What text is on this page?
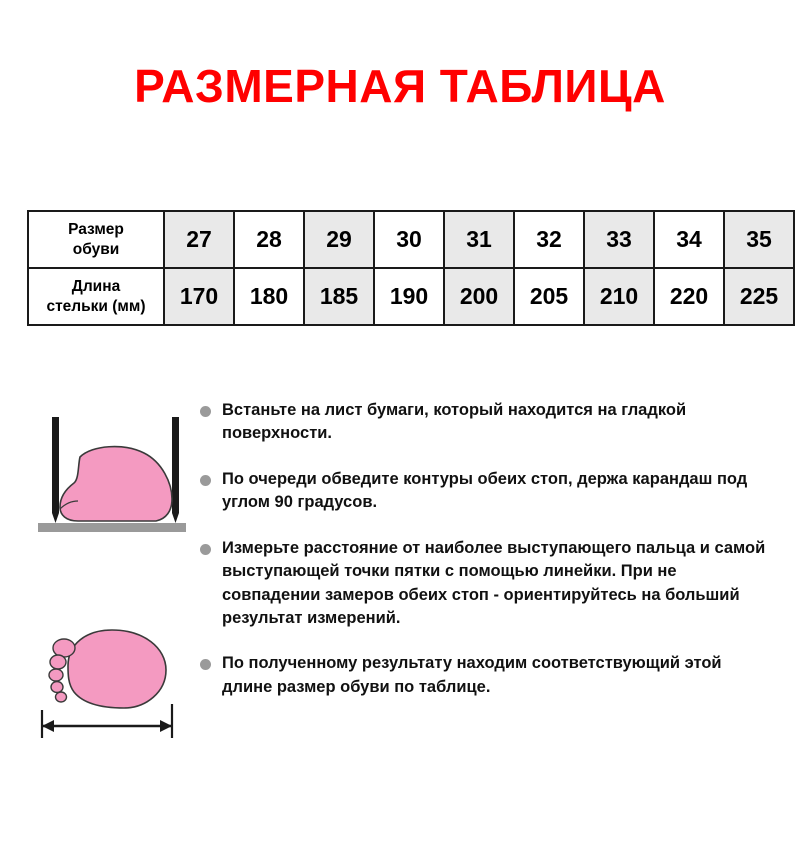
РАЗМЕРНАЯ ТАБЛИЦА
Размер
обуви	27	28	29	30	31	32	33	34	35
Длина
стельки (мм)	170	180	185	190	200	205	210	220	225
Встаньте на лист бумаги, который находится на гладкой поверхности.
По очереди обведите контуры обеих стоп, держа карандаш под углом 90 градусов.
Измерьте расстояние от наиболее выступающего пальца и самой выступающей точки пятки с помощью линейки. При не совпадении замеров обеих стоп - ориентируйтесь на больший результат измерений.
По полученному результату находим соответствующий этой длине размер обуви по таблице.
